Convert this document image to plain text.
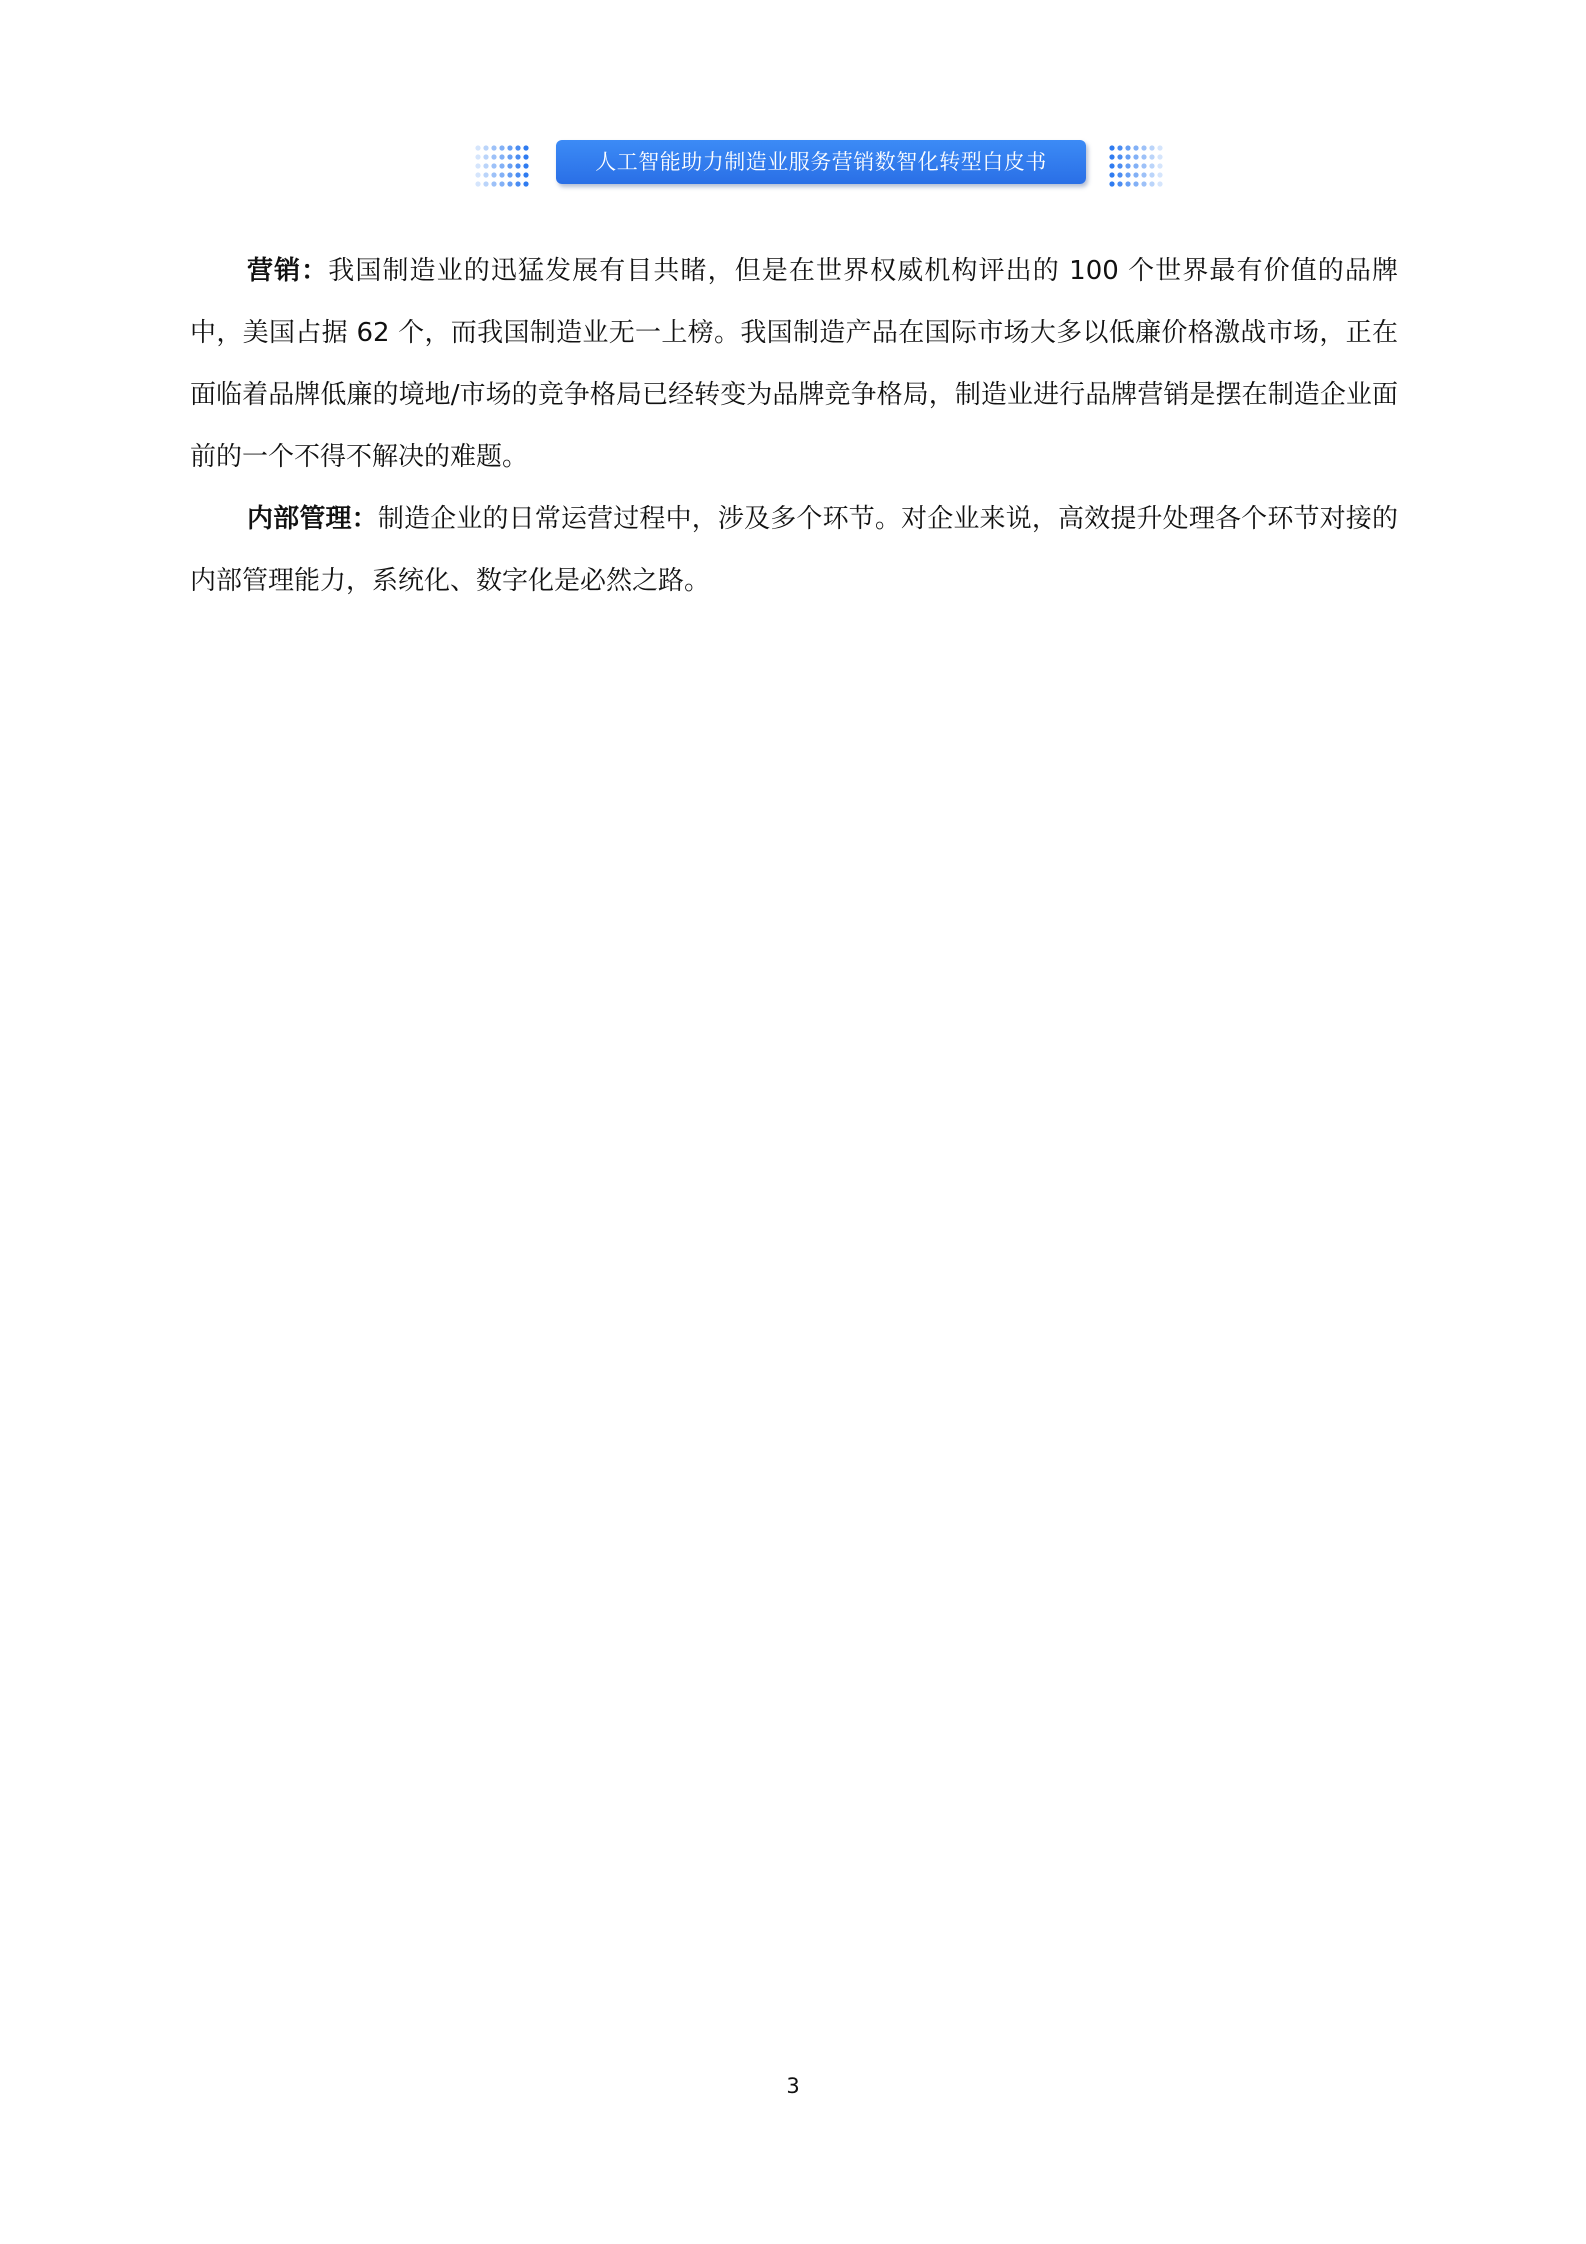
人工智能助力制造业服务营销数智化转型白皮书

营销：我国制造业的迅猛发展有目共睹，但是在世界权威机构评出的 100 个世界最有价值的品牌中，美国占据 62 个，而我国制造业无一上榜。我国制造产品在国际市场大多以低廉价格激战市场，正在面临着品牌低廉的境地/市场的竞争格局已经转变为品牌竞争格局，制造业进行品牌营销是摆在制造企业面前的一个不得不解决的难题。

内部管理：制造企业的日常运营过程中，涉及多个环节。对企业来说，高效提升处理各个环节对接的内部管理能力，系统化、数字化是必然之路。

3
